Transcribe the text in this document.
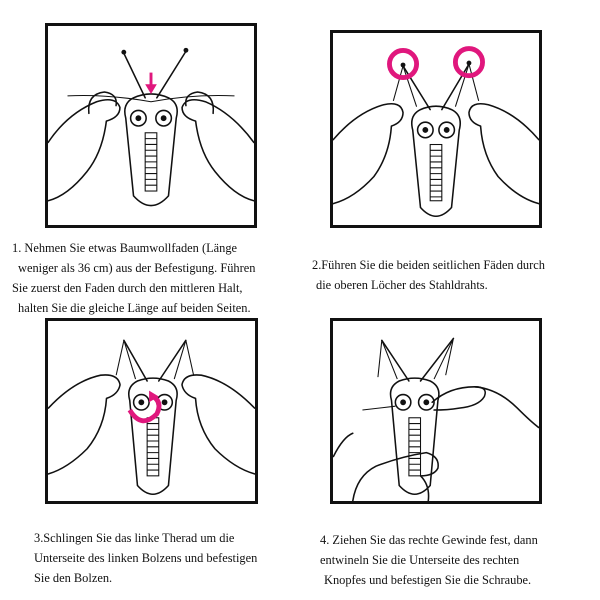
1. Nehmen Sie etwas Baumwollfaden (Länge
weniger als 36 cm) aus der Befestigung. Führen
Sie zuerst den Faden durch den mittleren Halt,
halten Sie die gleiche Länge auf beiden Seiten.
2.Führen Sie die beiden seitlichen Fäden durch
die oberen Löcher des Stahldrahts.
3.Schlingen Sie das linke Therad um die
Unterseite des linken Bolzens und befestigen
Sie den Bolzen.
4. Ziehen Sie das rechte Gewinde fest, dann
entwineln Sie die Unterseite des rechten
Knopfes und befestigen Sie die Schraube.
